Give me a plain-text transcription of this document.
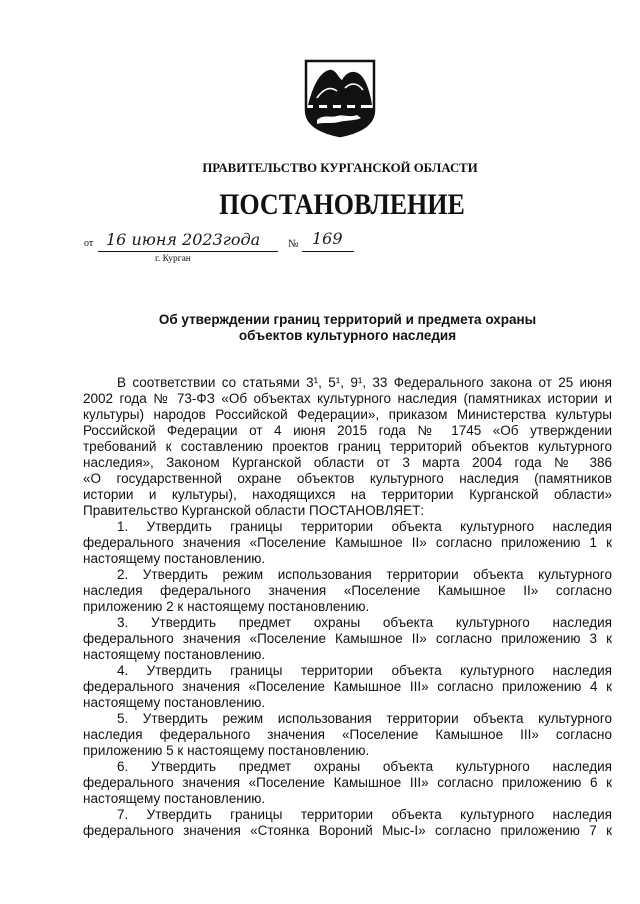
ПРАВИТЕЛЬСТВО КУРГАНСКОЙ ОБЛАСТИ
ПОСТАНОВЛЕНИЕ
от 16 июня 2023года	№ 169
г. Курган
Об утверждении границ территорий и предмета охраны
объектов культурного наследия
В соответствии со статьями 3¹, 5¹, 9¹, 33 Федерального закона от 25 июня
2002 года № 73-ФЗ «Об объектах культурного наследия (памятниках истории и
культуры) народов Российской Федерации», приказом Министерства культуры
Российской Федерации от 4 июня 2015 года № 1745 «Об утверждении
требований к составлению проектов границ территорий объектов культурного
наследия», Законом Курганской области от 3 марта 2004 года № 386
«О государственной охране объектов культурного наследия (памятников
истории и культуры), находящихся на территории Курганской области»
Правительство Курганской области ПОСТАНОВЛЯЕТ:
1. Утвердить границы территории объекта культурного наследия
федерального значения «Поселение Камышное II» согласно приложению 1 к
настоящему постановлению.
2. Утвердить режим использования территории объекта культурного
наследия федерального значения «Поселение Камышное II» согласно
приложению 2 к настоящему постановлению.
3. Утвердить предмет охраны объекта культурного наследия
федерального значения «Поселение Камышное II» согласно приложению 3 к
настоящему постановлению.
4. Утвердить границы территории объекта культурного наследия
федерального значения «Поселение Камышное III» согласно приложению 4 к
настоящему постановлению.
5. Утвердить режим использования территории объекта культурного
наследия федерального значения «Поселение Камышное III» согласно
приложению 5 к настоящему постановлению.
6. Утвердить предмет охраны объекта культурного наследия
федерального значения «Поселение Камышное III» согласно приложению 6 к
настоящему постановлению.
7. Утвердить границы территории объекта культурного наследия
федерального значения «Стоянка Вороний Мыс-I» согласно приложению 7 к
